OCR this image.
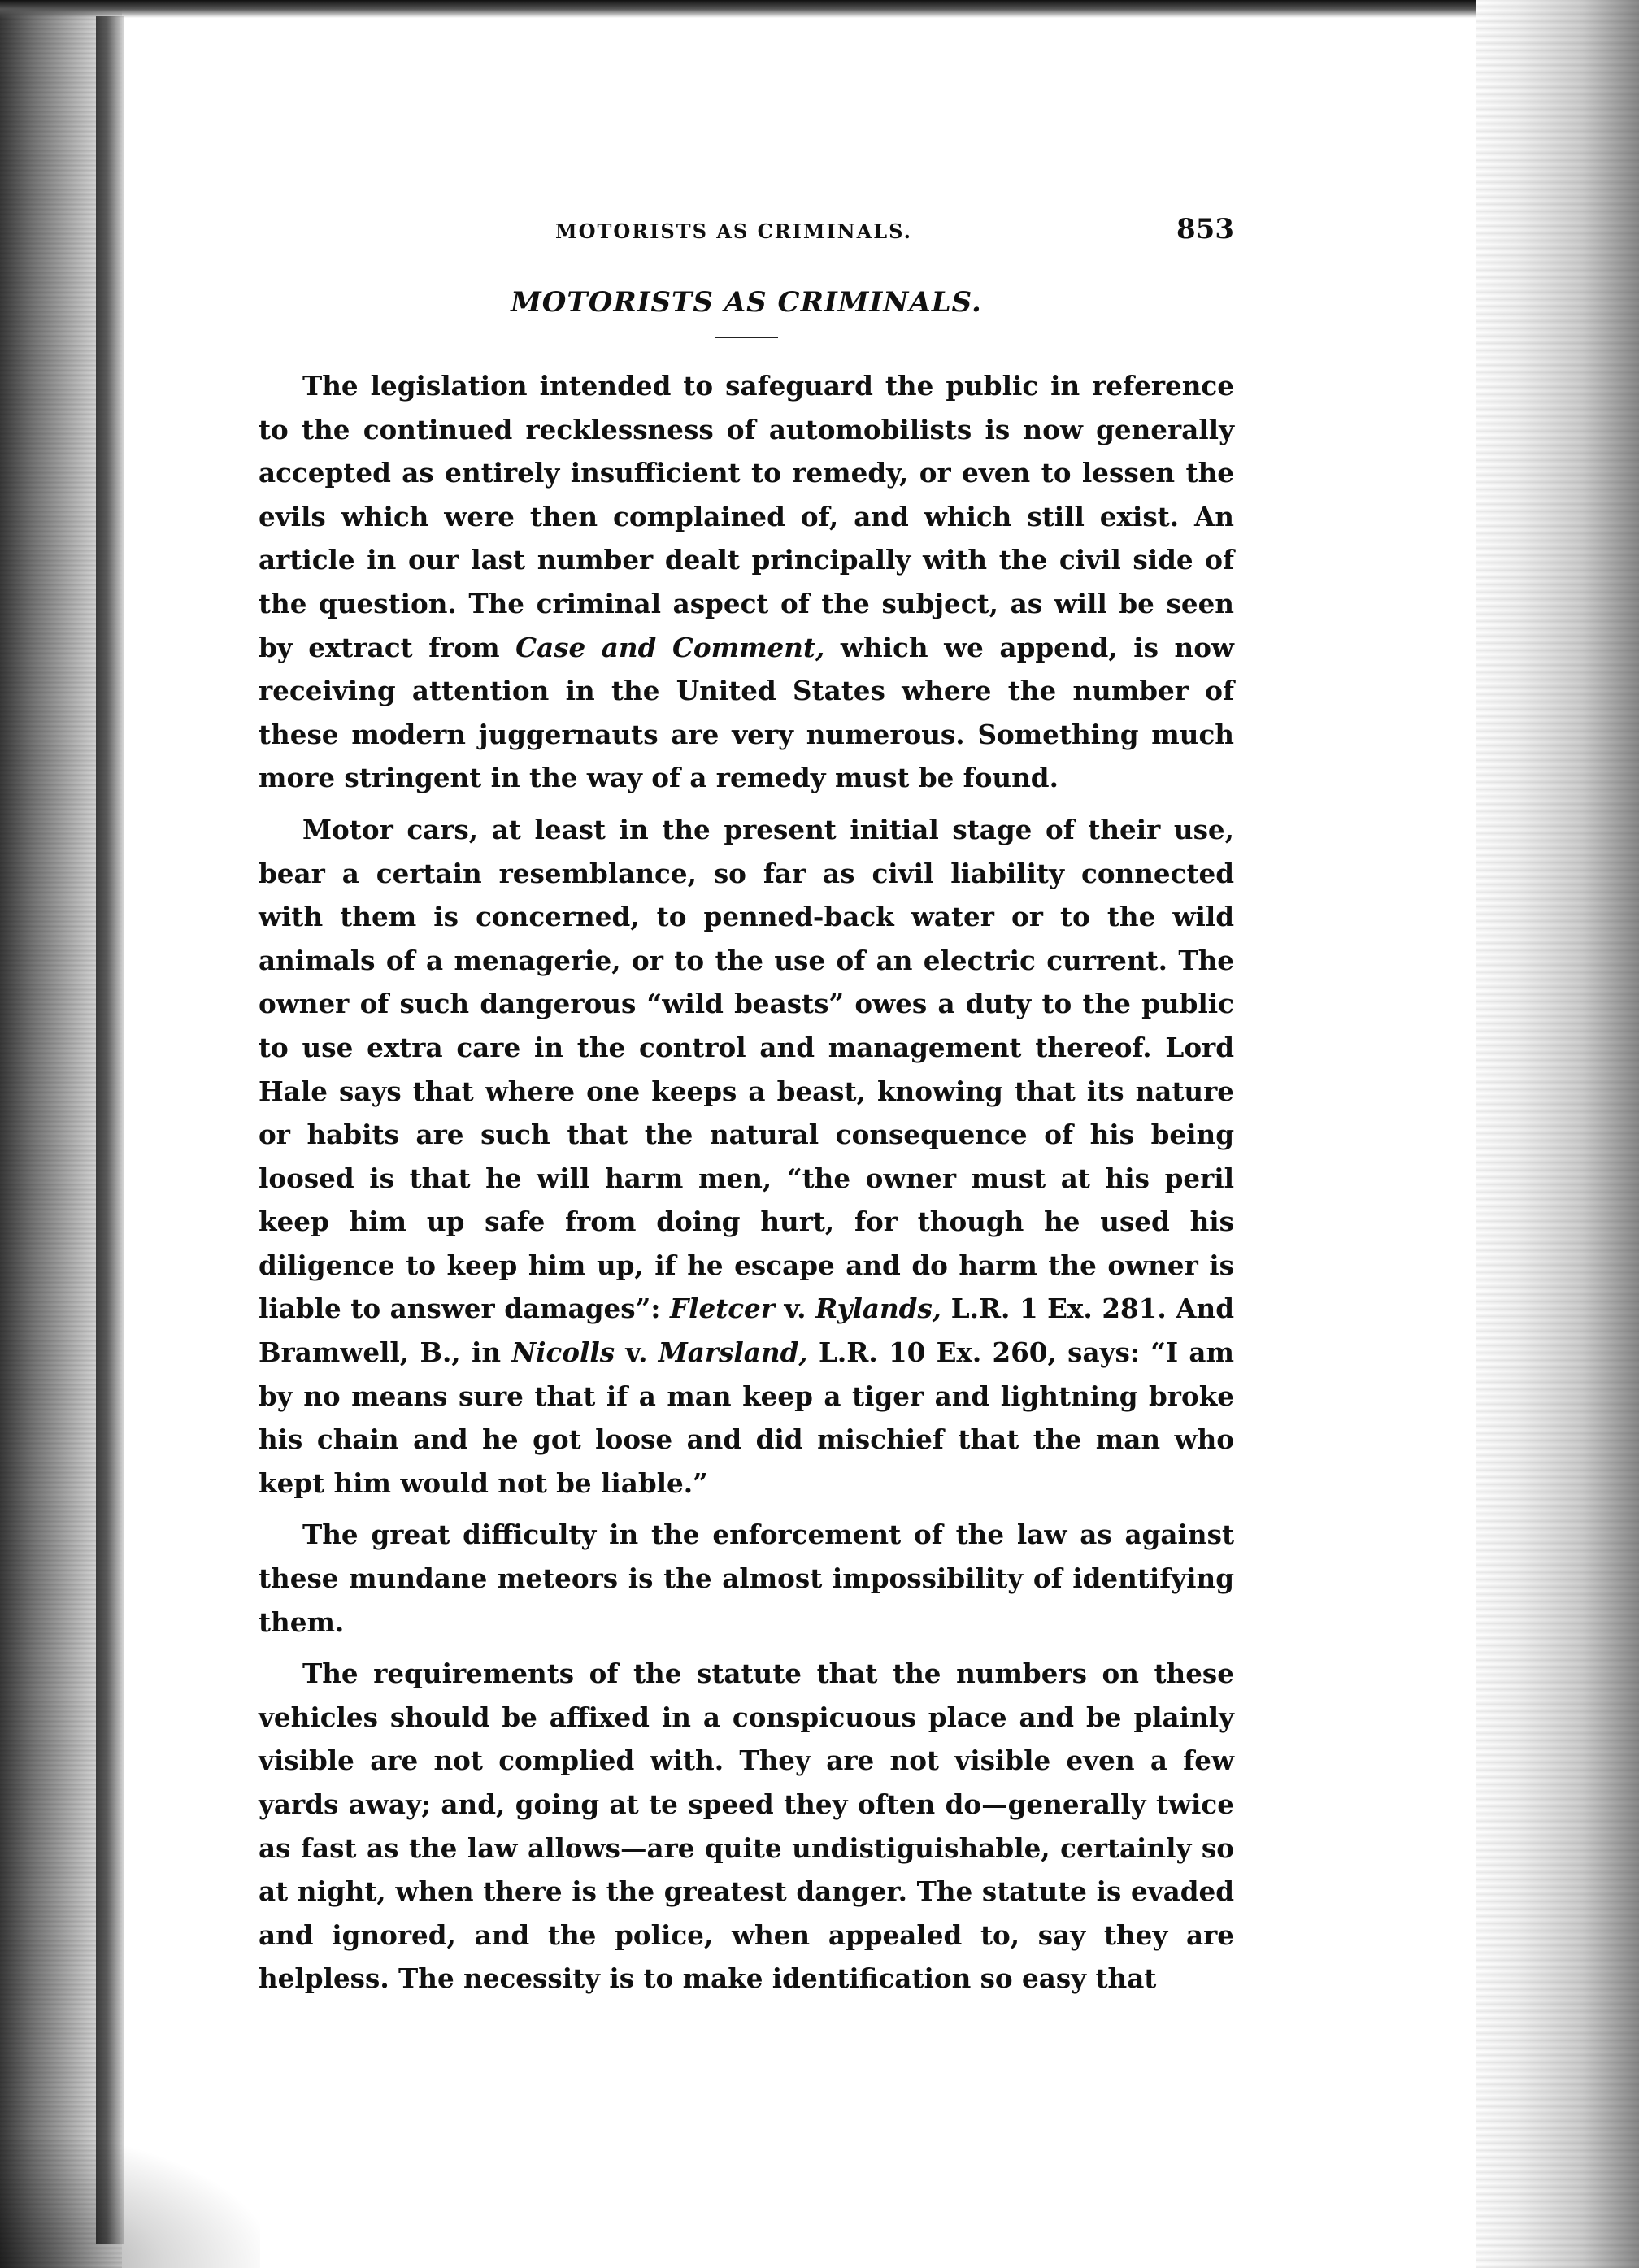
MOTORISTS AS CRIMINALS.	853
MOTORISTS AS CRIMINALS.

The legislation intended to safeguard the public in reference to the continued recklessness of automobilists is now generally accepted as entirely insufficient to remedy, or even to lessen the evils which were then complained of, and which still exist. An article in our last number dealt principally with the civil side of the question. The criminal aspect of the subject, as will be seen by extract from Case and Comment, which we append, is now receiving attention in the United States where the number of these modern juggernauts are very numerous. Something much more stringent in the way of a remedy must be found.

Motor cars, at least in the present initial stage of their use, bear a certain resemblance, so far as civil liability connected with them is concerned, to penned-back water or to the wild animals of a menagerie, or to the use of an electric current. The owner of such dangerous “wild beasts” owes a duty to the public to use extra care in the control and management thereof. Lord Hale says that where one keeps a beast, knowing that its nature or habits are such that the natural consequence of his being loosed is that he will harm men, “the owner must at his peril keep him up safe from doing hurt, for though he used his diligence to keep him up, if he escape and do harm the owner is liable to answer damages”: Fletcer v. Rylands, L.R. 1 Ex. 281. And Bramwell, B., in Nicolls v. Marsland, L.R. 10 Ex. 260, says: “I am by no means sure that if a man keep a tiger and lightning broke his chain and he got loose and did mischief that the man who kept him would not be liable.”

The great difficulty in the enforcement of the law as against these mundane meteors is the almost impossibility of identifying them.

The requirements of the statute that the numbers on these vehicles should be affixed in a conspicuous place and be plainly visible are not complied with. They are not visible even a few yards away; and, going at te speed they often do—generally twice as fast as the law allows—are quite undistiguishable, certainly so at night, when there is the greatest danger. The statute is evaded and ignored, and the police, when appealed to, say they are helpless. The necessity is to make identification so easy that
